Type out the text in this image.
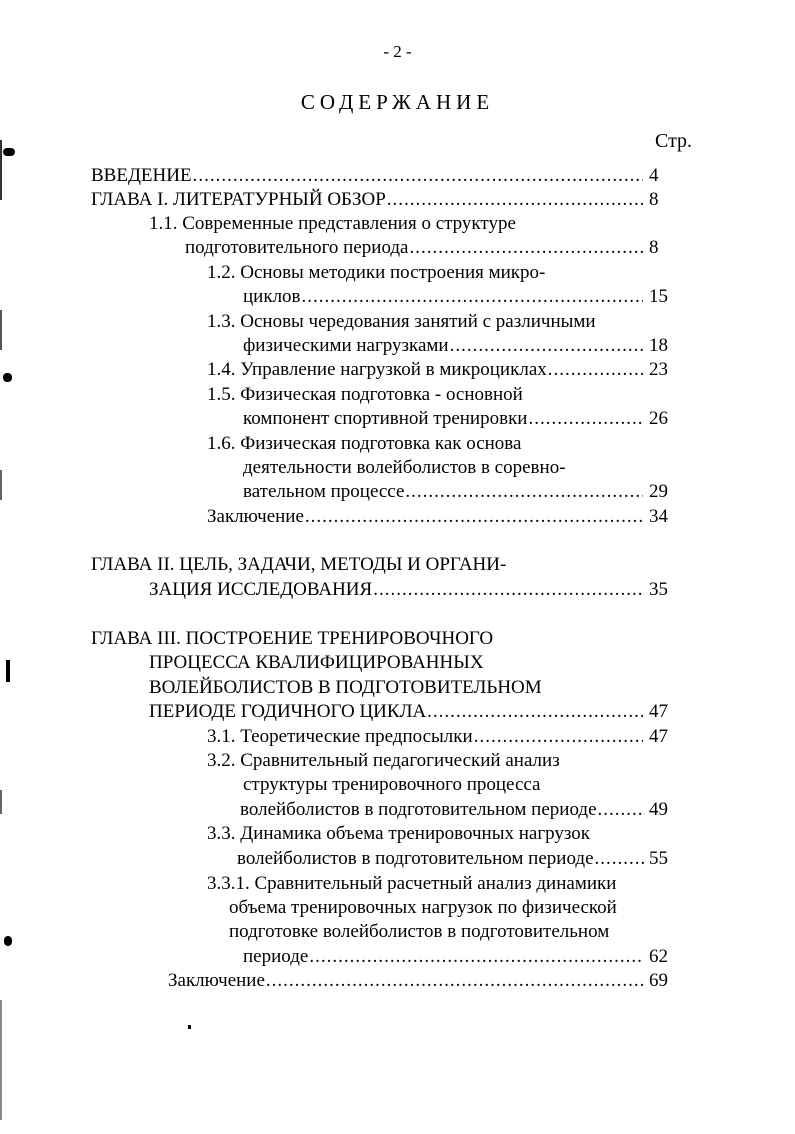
- 2 -
СОДЕРЖАНИЕ
Стр.
ВВЕДЕНИЕ .....	4
ГЛАВА I. ЛИТЕРАТУРНЫЙ ОБЗОР .....	8
1.1. Современные представления о структуре
подготовительного периода .....	8
1.2. Основы методики построения микро-
циклов .....	15
1.3. Основы чередования занятий с различными
физическими нагрузками .....	18
1.4. Управление нагрузкой в микроциклах .....	23
1.5. Физическая подготовка - основной
компонент спортивной тренировки .....	26
1.6. Физическая подготовка как основа
деятельности волейболистов в соревно-
вательном процессе .....	29
Заключение .....	34
ГЛАВА II. ЦЕЛЬ, ЗАДАЧИ, МЕТОДЫ И ОРГАНИ-
ЗАЦИЯ ИССЛЕДОВАНИЯ .....	35
ГЛАВА III. ПОСТРОЕНИЕ ТРЕНИРОВОЧНОГО
ПРОЦЕССА КВАЛИФИЦИРОВАННЫХ
ВОЛЕЙБОЛИСТОВ В ПОДГОТОВИТЕЛЬНОМ
ПЕРИОДЕ ГОДИЧНОГО ЦИКЛА .....	47
3.1. Теоретические предпосылки .....	47
3.2. Сравнительный педагогический анализ
структуры тренировочного процесса
волейболистов в подготовительном периоде .....	49
3.3. Динамика объема тренировочных нагрузок
волейболистов в подготовительном периоде .....	55
3.3.1. Сравнительный расчетный анализ динамики
объема тренировочных нагрузок по физической
подготовке волейболистов в подготовительном
периоде .....	62
Заключение .....	69
